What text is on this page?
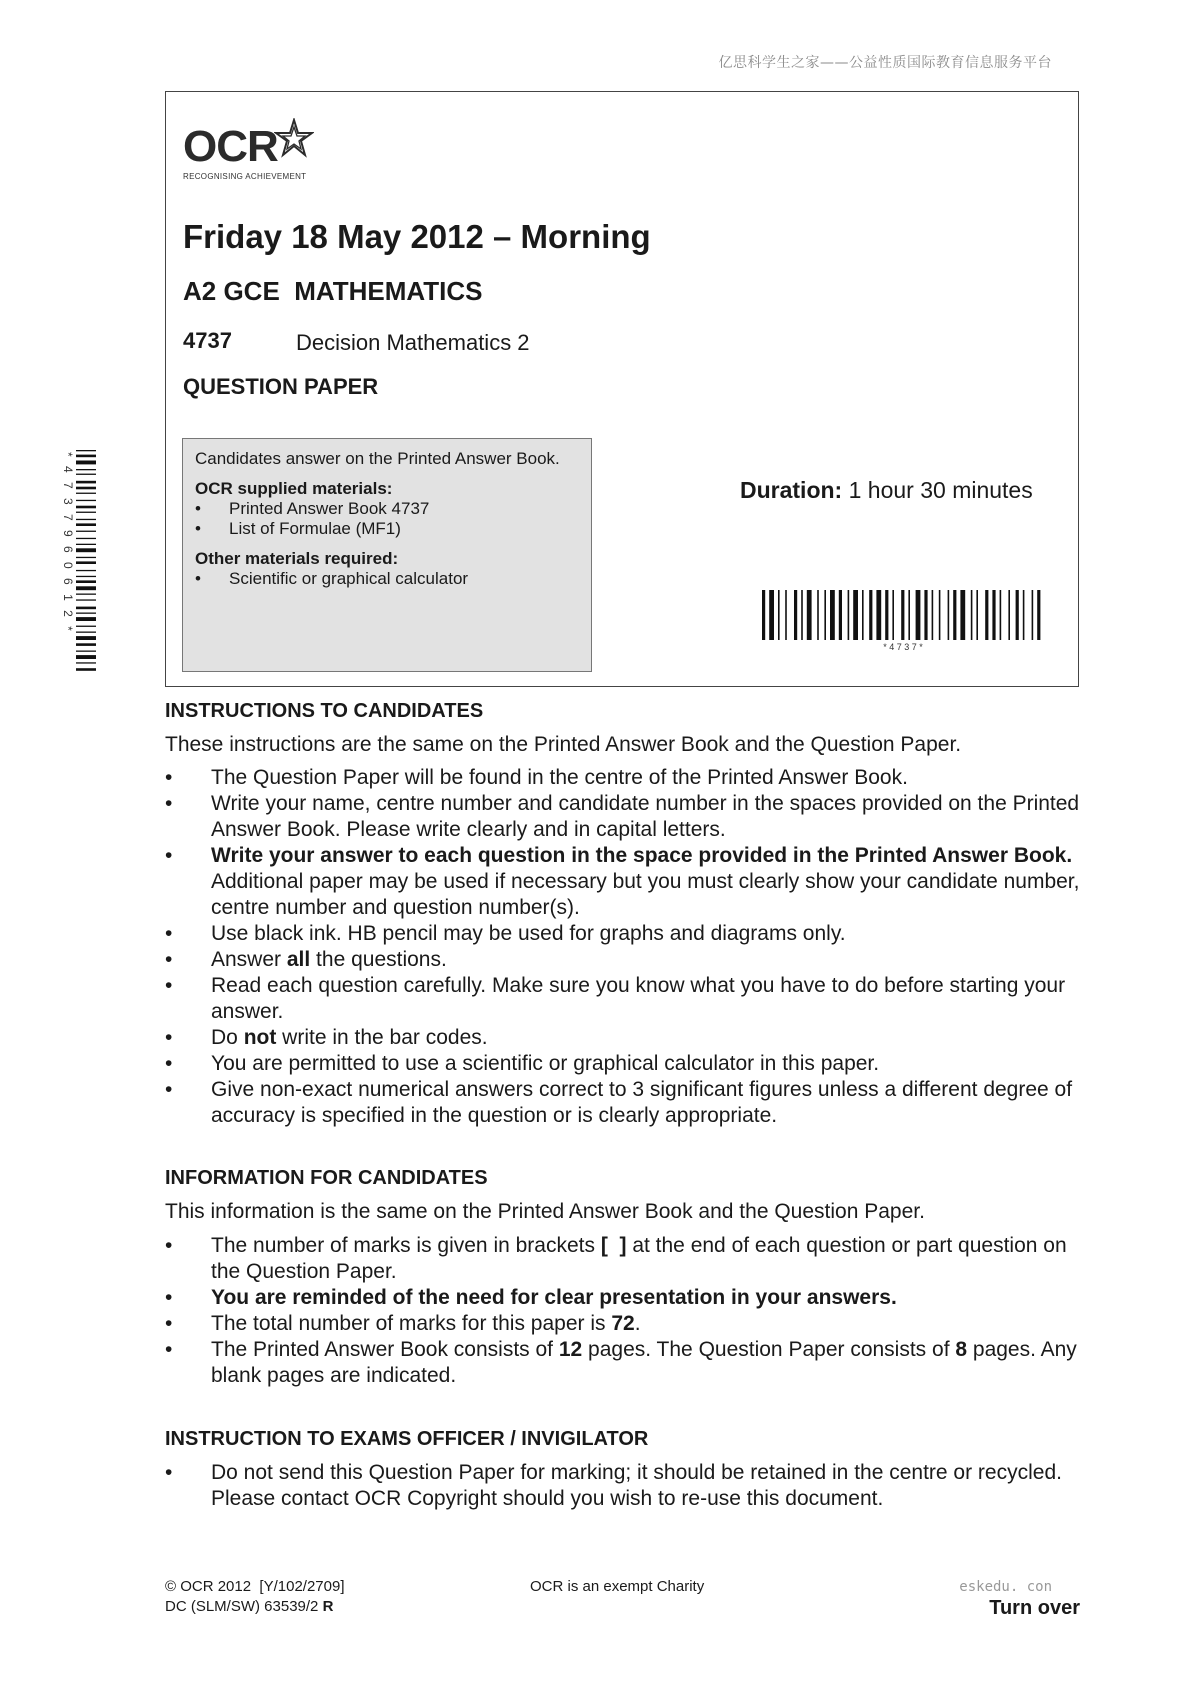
亿思科学生之家——公益性质国际教育信息服务平台
OCR
RECOGNISING ACHIEVEMENT
Friday 18 May 2012 – Morning
A2 GCE  MATHEMATICS
4737	Decision Mathematics 2
QUESTION PAPER
Candidates answer on the Printed Answer Book.
OCR supplied materials:
•	Printed Answer Book 4737
•	List of Formulae (MF1)
Other materials required:
•	Scientific or graphical calculator
Duration: 1 hour 30 minutes
* 4 7 3 7 *
* 4 7 3 7 9 6 0 6 1 2 *
INSTRUCTIONS TO CANDIDATES
These instructions are the same on the Printed Answer Book and the Question Paper.
•	The Question Paper will be found in the centre of the Printed Answer Book.
•	Write your name, centre number and candidate number in the spaces provided on the Printed Answer Book. Please write clearly and in capital letters.
•	Write your answer to each question in the space provided in the Printed Answer Book. Additional paper may be used if necessary but you must clearly show your candidate number, centre number and question number(s).
•	Use black ink. HB pencil may be used for graphs and diagrams only.
•	Answer all the questions.
•	Read each question carefully. Make sure you know what you have to do before starting your answer.
•	Do not write in the bar codes.
•	You are permitted to use a scientific or graphical calculator in this paper.
•	Give non-exact numerical answers correct to 3 significant figures unless a different degree of accuracy is specified in the question or is clearly appropriate.
INFORMATION FOR CANDIDATES
This information is the same on the Printed Answer Book and the Question Paper.
•	The number of marks is given in brackets [  ] at the end of each question or part question on the Question Paper.
•	You are reminded of the need for clear presentation in your answers.
•	The total number of marks for this paper is 72.
•	The Printed Answer Book consists of 12 pages. The Question Paper consists of 8 pages. Any blank pages are indicated.
INSTRUCTION TO EXAMS OFFICER / INVIGILATOR
•	Do not send this Question Paper for marking; it should be retained in the centre or recycled. Please contact OCR Copyright should you wish to re-use this document.
© OCR 2012  [Y/102/2709]
DC (SLM/SW) 63539/2 R
OCR is an exempt Charity	eskedu. con
Turn over
